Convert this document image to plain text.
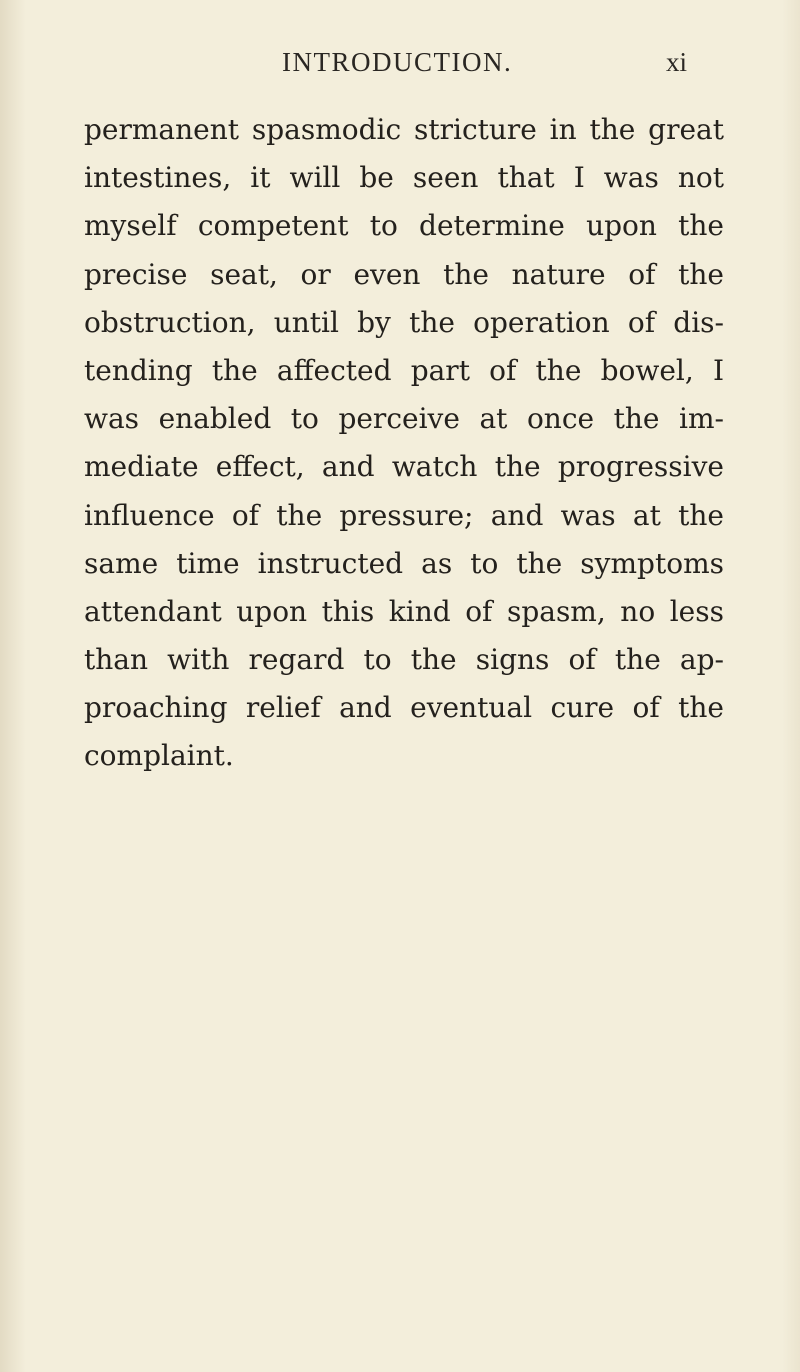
INTRODUCTION.	xi
permanent spasmodic stricture in the great
intestines, it will be seen that I was not
myself competent to determine upon the
precise seat, or even the nature of the
obstruction, until by the operation of dis-
tending the affected part of the bowel, I
was enabled to perceive at once the im-
mediate effect, and watch the progressive
influence of the pressure; and was at the
same time instructed as to the symptoms
attendant upon this kind of spasm, no less
than with regard to the signs of the ap-
proaching relief and eventual cure of the
complaint.
